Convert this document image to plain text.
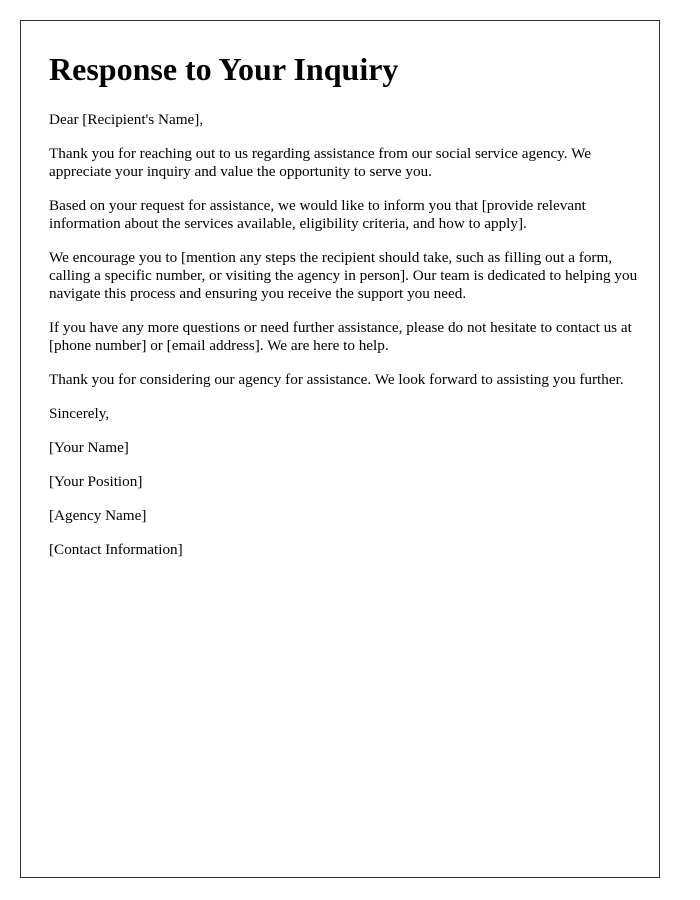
Response to Your Inquiry

Dear [Recipient's Name],

Thank you for reaching out to us regarding assistance from our social service agency. We appreciate your inquiry and value the opportunity to serve you.

Based on your request for assistance, we would like to inform you that [provide relevant information about the services available, eligibility criteria, and how to apply].

We encourage you to [mention any steps the recipient should take, such as filling out a form, calling a specific number, or visiting the agency in person]. Our team is dedicated to helping you navigate this process and ensuring you receive the support you need.

If you have any more questions or need further assistance, please do not hesitate to contact us at [phone number] or [email address]. We are here to help.

Thank you for considering our agency for assistance. We look forward to assisting you further.

Sincerely,

[Your Name]

[Your Position]

[Agency Name]

[Contact Information]
